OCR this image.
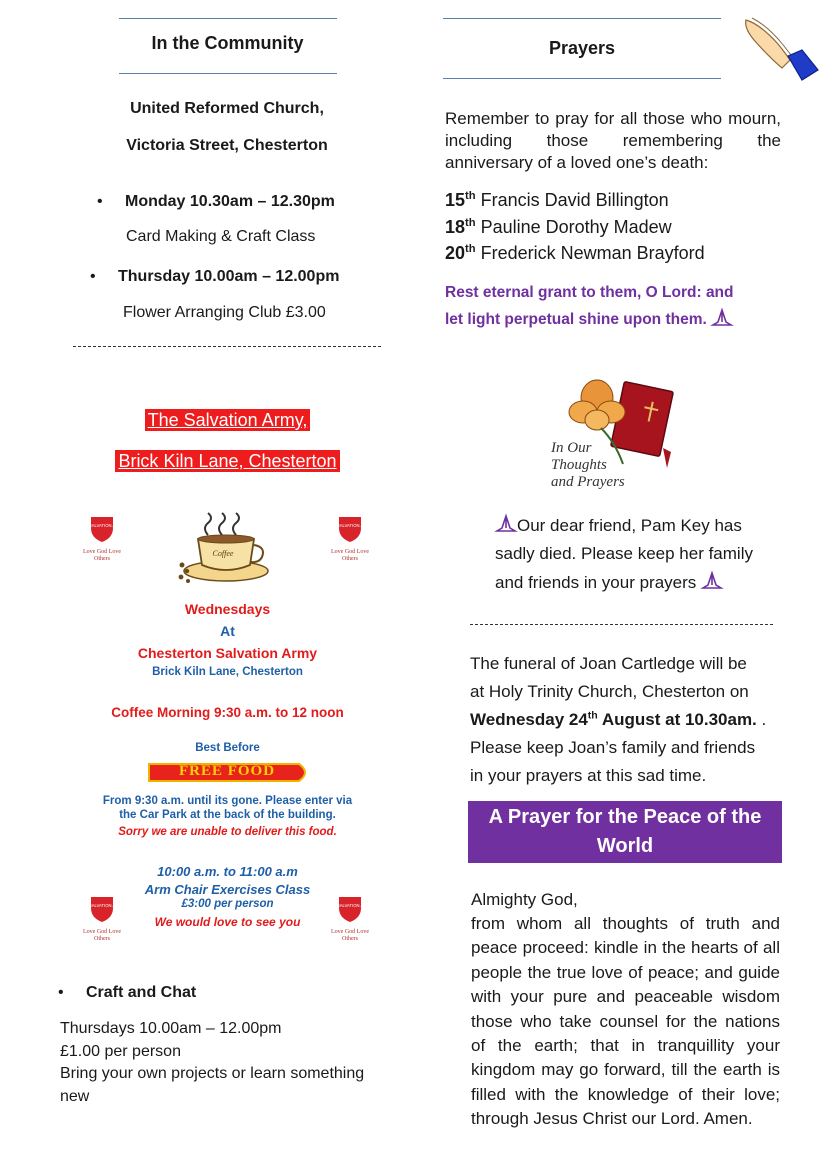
In the Community
United Reformed Church,
Victoria Street, Chesterton
• Monday 10.30am – 12.30pm
Card Making & Craft Class
• Thursday 10.00am – 12.00pm
Flower Arranging Club £3.00
The Salvation Army,
Brick Kiln Lane, Chesterton
THE SALVATION ARMY
Love God Love Others
THE SALVATION ARMY
Love God Love Others
THE SALVATION ARMY
Love God Love Others
THE SALVATION ARMY
Love God Love Others
Coffee
Wednesdays
At
Chesterton Salvation Army
Brick Kiln Lane, Chesterton
Coffee Morning 9:30 a.m. to 12 noon
Best Before
FREE FOOD
From 9:30 a.m. until its gone. Please enter via
the Car Park at the back of the building.
Sorry we are unable to deliver this food.
10:00 a.m. to 11:00 a.m
Arm Chair Exercises Class
£3:00 per person
We would love to see you
• Craft and Chat
Thursdays 10.00am – 12.00pm
£1.00 per person
Bring your own projects or learn something
new
Prayers
Remember to pray for all those who mourn, including those remembering the anniversary of a loved one’s death:
15th Francis David Billington
18th Pauline Dorothy Madew
20th Frederick Newman Brayford
Rest eternal grant to them, O Lord: and
let light perpetual shine upon them.
In Our
Thoughts
and Prayers
Our dear friend, Pam Key has
sadly died. Please keep her family
and friends in your prayers
The funeral of Joan Cartledge will be
at Holy Trinity Church, Chesterton on
Wednesday 24th August at 10.30am. .
Please keep Joan’s family and friends
in your prayers at this sad time.
A Prayer for the Peace of the World
Almighty God,
from whom all thoughts of truth and peace proceed: kindle in the hearts of all people the true love of peace; and guide with your pure and peaceable wisdom those who take counsel for the nations of the earth; that in tranquillity your kingdom may go forward, till the earth is filled with the knowledge of their love; through Jesus Christ our Lord. Amen.
